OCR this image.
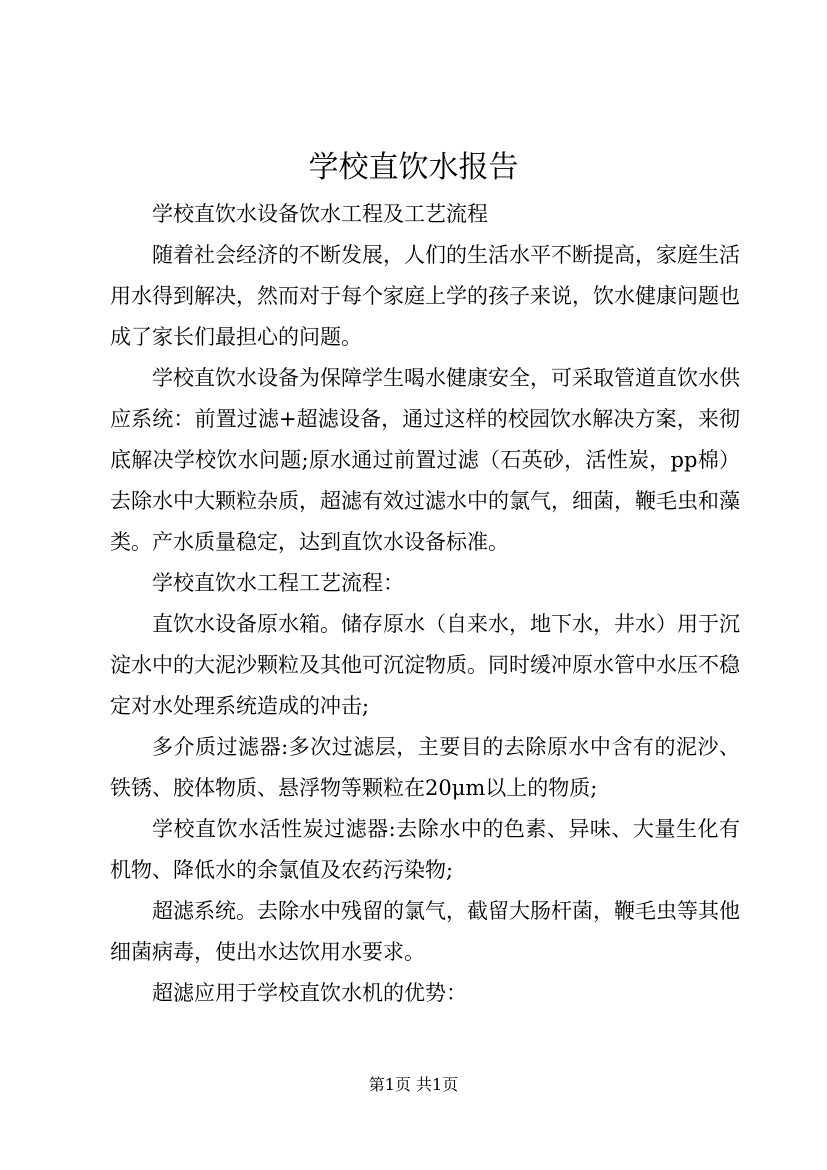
学校直饮水报告

学校直饮水设备饮水工程及工艺流程

随着社会经济的不断发展，人们的生活水平不断提高，家庭生活用水得到解决，然而对于每个家庭上学的孩子来说，饮水健康问题也成了家长们最担心的问题。

学校直饮水设备为保障学生喝水健康安全，可采取管道直饮水供应系统：前置过滤+超滤设备，通过这样的校园饮水解决方案，来彻底解决学校饮水问题;原水通过前置过滤（石英砂，活性炭，pp棉）去除水中大颗粒杂质，超滤有效过滤水中的氯气，细菌，鞭毛虫和藻类。产水质量稳定，达到直饮水设备标准。

学校直饮水工程工艺流程：

直饮水设备原水箱。储存原水（自来水，地下水，井水）用于沉淀水中的大泥沙颗粒及其他可沉淀物质。同时缓冲原水管中水压不稳定对水处理系统造成的冲击;

多介质过滤器:多次过滤层，主要目的去除原水中含有的泥沙、铁锈、胶体物质、悬浮物等颗粒在20μm以上的物质;

学校直饮水活性炭过滤器:去除水中的色素、异味、大量生化有机物、降低水的余氯值及农药污染物;

超滤系统。去除水中残留的氯气，截留大肠杆菌，鞭毛虫等其他细菌病毒，使出水达饮用水要求。

超滤应用于学校直饮水机的优势：

第1页 共1页
